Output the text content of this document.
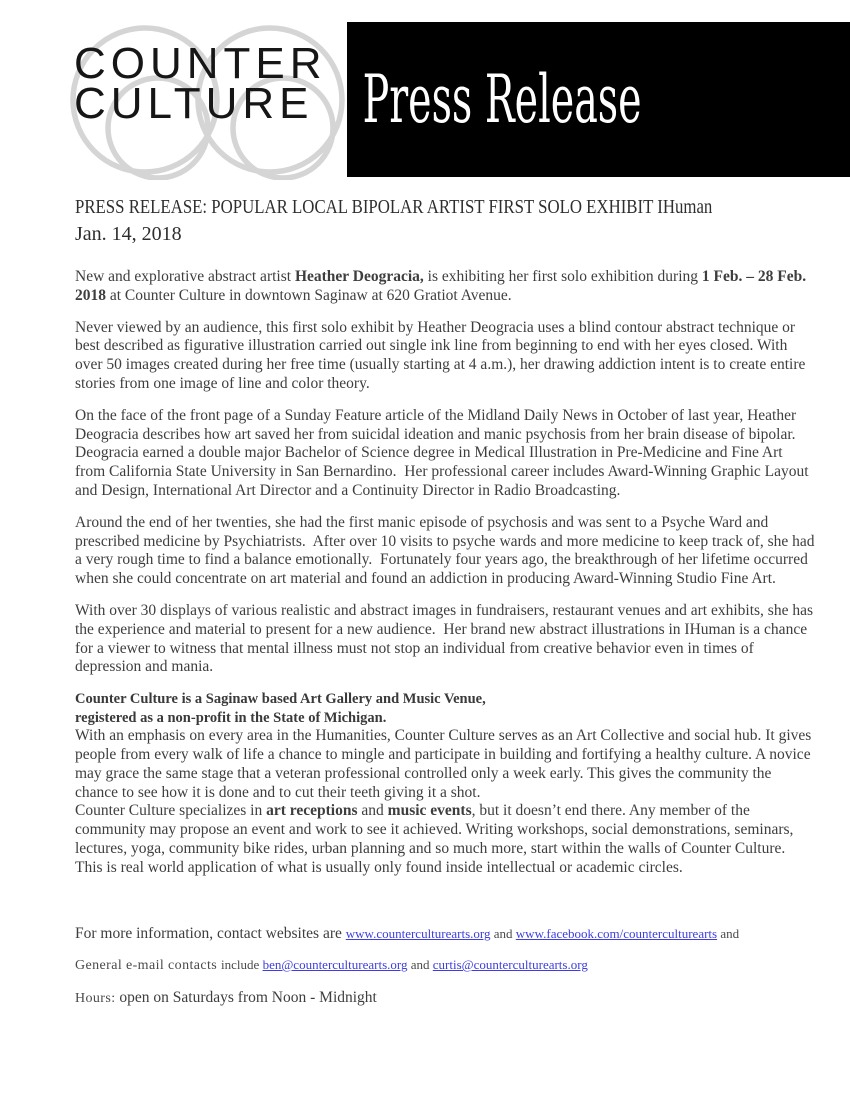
COUNTER
CULTURE Press Release
PRESS RELEASE: POPULAR LOCAL BIPOLAR ARTIST FIRST SOLO EXHIBIT IHuman
Jan. 14, 2018

New and explorative abstract artist Heather Deogracia, is exhibiting her first solo exhibition during 1 Feb. – 28 Feb. 2018 at Counter Culture in downtown Saginaw at 620 Gratiot Avenue.

Never viewed by an audience, this first solo exhibit by Heather Deogracia uses a blind contour abstract technique or best described as figurative illustration carried out single ink line from beginning to end with her eyes closed. With over 50 images created during her free time (usually starting at 4 a.m.), her drawing addiction intent is to create entire stories from one image of line and color theory.

On the face of the front page of a Sunday Feature article of the Midland Daily News in October of last year, Heather Deogracia describes how art saved her from suicidal ideation and manic psychosis from her brain disease of bipolar.  Deogracia earned a double major Bachelor of Science degree in Medical Illustration in Pre-Medicine and Fine Art from California State University in San Bernardino.  Her professional career includes Award-Winning Graphic Layout and Design, International Art Director and a Continuity Director in Radio Broadcasting.

Around the end of her twenties, she had the first manic episode of psychosis and was sent to a Psyche Ward and prescribed medicine by Psychiatrists.  After over 10 visits to psyche wards and more medicine to keep track of, she had a very rough time to find a balance emotionally.  Fortunately four years ago, the breakthrough of her lifetime occurred when she could concentrate on art material and found an addiction in producing Award-Winning Studio Fine Art.

With over 30 displays of various realistic and abstract images in fundraisers, restaurant venues and art exhibits, she has the experience and material to present for a new audience.  Her brand new abstract illustrations in IHuman is a chance for a viewer to witness that mental illness must not stop an individual from creative behavior even in times of depression and mania.

Counter Culture is a Saginaw based Art Gallery and Music Venue,
registered as a non-profit in the State of Michigan.
With an emphasis on every area in the Humanities, Counter Culture serves as an Art Collective and social hub. It gives people from every walk of life a chance to mingle and participate in building and fortifying a healthy culture. A novice may grace the same stage that a veteran professional controlled only a week early. This gives the community the chance to see how it is done and to cut their teeth giving it a shot.
Counter Culture specializes in art receptions and music events, but it doesn’t end there. Any member of the community may propose an event and work to see it achieved. Writing workshops, social demonstrations, seminars, lectures, yoga, community bike rides, urban planning and so much more, start within the walls of Counter Culture. This is real world application of what is usually only found inside intellectual or academic circles.

For more information, contact websites are www.counterculturearts.org and www.facebook.com/counterculturearts and

General e-mail contacts include ben@counterculturearts.org and curtis@counterculturearts.org

Hours: open on Saturdays from Noon - Midnight
